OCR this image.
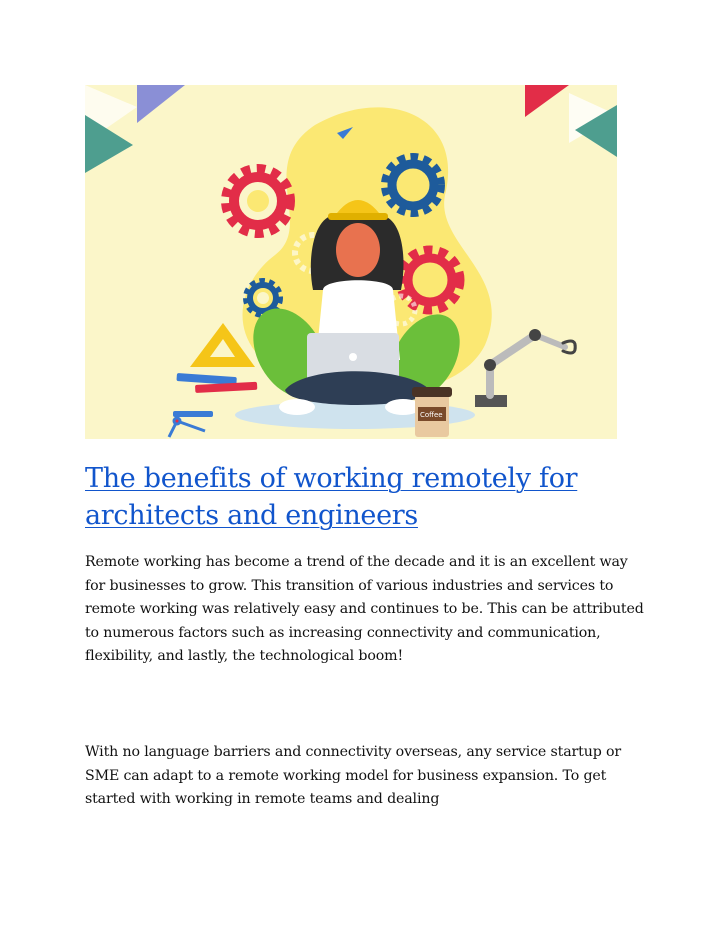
Coffee
The benefits of working remotely for architects and engineers

Remote working has become a trend of the decade and it is an excellent way for businesses to grow. This transition of various industries and services to remote working was relatively easy and continues to be. This can be attributed to numerous factors such as increasing connectivity and communication, flexibility, and lastly, the technological boom!

With no language barriers and connectivity overseas, any service startup or SME can adapt to a remote working model for business expansion. To get started with working in remote teams and dealing
